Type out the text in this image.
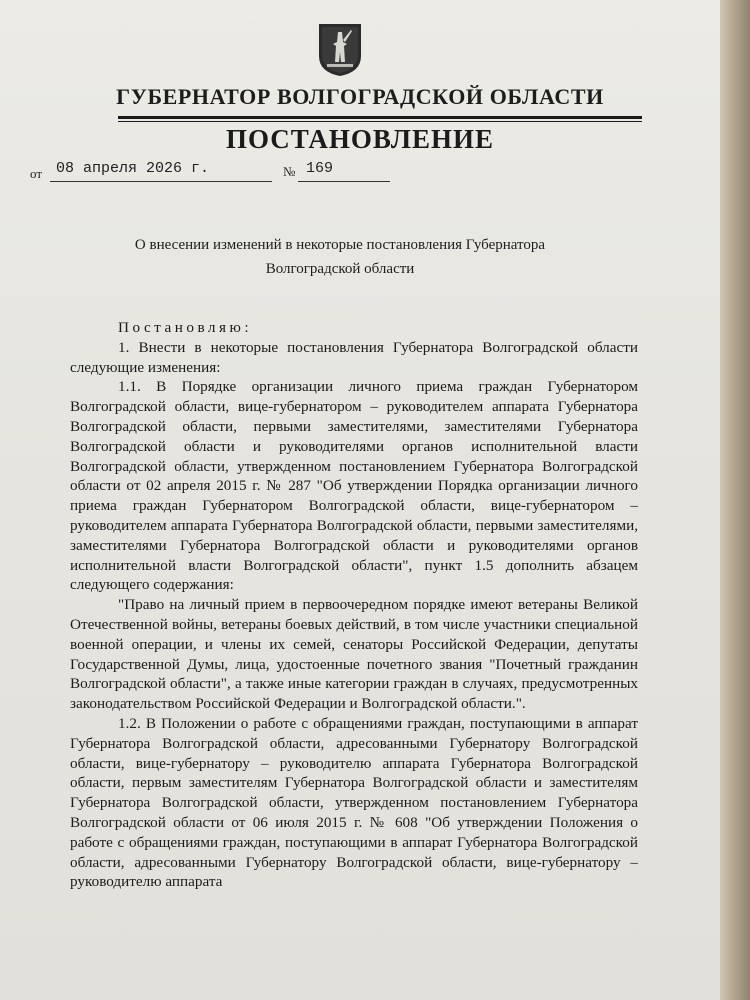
ГУБЕРНАТОР ВОЛГОГРАДСКОЙ ОБЛАСТИ
ПОСТАНОВЛЕНИЕ
от 08 апреля 2026 г.	№ 169
О внесении изменений в некоторые постановления Губернатора
Волгоградской области

Постановляю:

1. Внести в некоторые постановления Губернатора Волгоградской области следующие изменения:

1.1. В Порядке организации личного приема граждан Губернатором Волгоградской области, вице-губернатором – руководителем аппарата Губернатора Волгоградской области, первыми заместителями, заместителями Губернатора Волгоградской области и руководителями органов исполнительной власти Волгоградской области, утвержденном постановлением Губернатора Волгоградской области от 02 апреля 2015 г. № 287 "Об утверждении Порядка организации личного приема граждан Губернатором Волгоградской области, вице-губернатором – руководителем аппарата Губернатора Волгоградской области, первыми заместителями, заместителями Губернатора Волгоградской области и руководителями органов исполнительной власти Волгоградской области", пункт 1.5 дополнить абзацем следующего содержания:

"Право на личный прием в первоочередном порядке имеют ветераны Великой Отечественной войны, ветераны боевых действий, в том числе участники специальной военной операции, и члены их семей, сенаторы Российской Федерации, депутаты Государственной Думы, лица, удостоенные почетного звания "Почетный гражданин Волгоградской области", а также иные категории граждан в случаях, предусмотренных законодательством Российской Федерации и Волгоградской области.".

1.2. В Положении о работе с обращениями граждан, поступающими в аппарат Губернатора Волгоградской области, адресованными Губернатору Волгоградской области, вице-губернатору – руководителю аппарата Губернатора Волгоградской области, первым заместителям Губернатора Волгоградской области и заместителям Губернатора Волгоградской области, утвержденном постановлением Губернатора Волгоградской области от 06 июля 2015 г. № 608 "Об утверждении Положения о работе с обращениями граждан, поступающими в аппарат Губернатора Волгоградской области, адресованными Губернатору Волгоградской области, вице-губернатору – руководителю аппарата
